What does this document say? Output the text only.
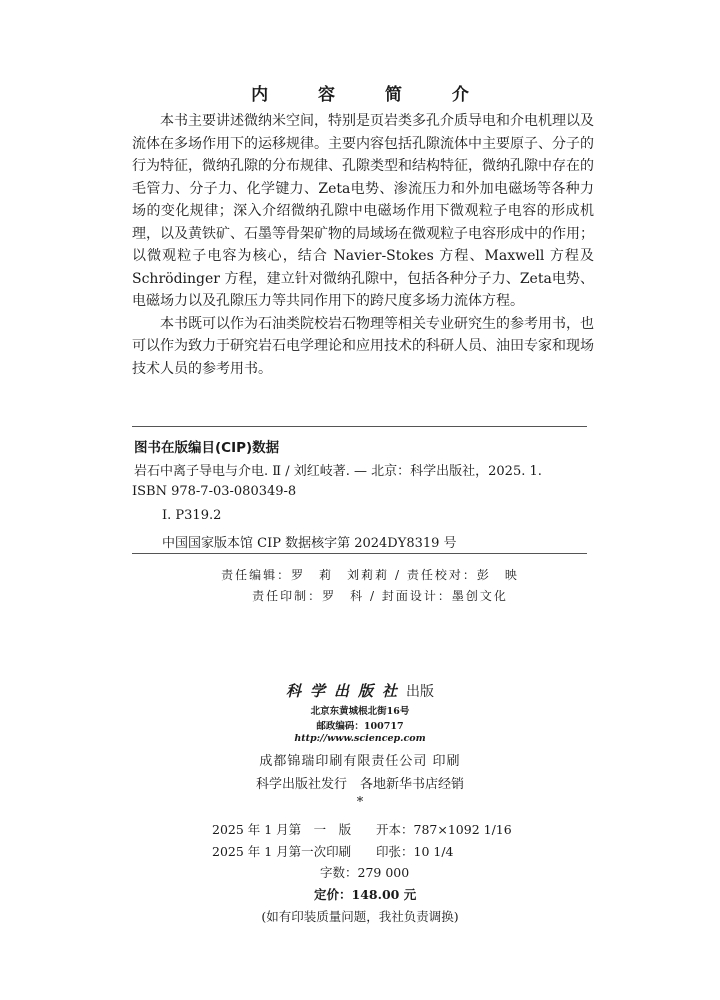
内 容 简 介

本书主要讲述微纳米空间，特别是页岩类多孔介质导电和介电机理以及流体在多场作用下的运移规律。主要内容包括孔隙流体中主要原子、分子的行为特征，微纳孔隙的分布规律、孔隙类型和结构特征，微纳孔隙中存在的毛管力、分子力、化学键力、Zeta电势、渗流压力和外加电磁场等各种力场的变化规律；深入介绍微纳孔隙中电磁场作用下微观粒子电容的形成机理，以及黄铁矿、石墨等骨架矿物的局域场在微观粒子电容形成中的作用；以微观粒子电容为核心，结合 Navier-Stokes 方程、Maxwell 方程及 Schrödinger 方程，建立针对微纳孔隙中，包括各种分子力、Zeta电势、电磁场力以及孔隙压力等共同作用下的跨尺度多场力流体方程。

本书既可以作为石油类院校岩石物理等相关专业研究生的参考用书，也可以作为致力于研究岩石电学理论和应用技术的科研人员、油田专家和现场技术人员的参考用书。

图书在版编目(CIP)数据
岩石中离子导电与介电. Ⅱ / 刘红岐著. — 北京：科学出版社，2025. 1.
ISBN 978-7-03-080349-8
Ⅰ. P319.2
中国国家版本馆 CIP 数据核字第 2024DY8319 号
责任编辑：罗　莉　刘莉莉 / 责任校对：彭　映
责任印制：罗　科 / 封面设计：墨创文化
科学出版社出版
北京东黄城根北街16号
邮政编码：100717
http://www.sciencep.com
成都锦瑞印刷有限责任公司 印刷
科学出版社发行　各地新华书店经销
*
2025 年 1 月第　一　版 开本：787×1092 1/16
2025 年 1 月第一次印刷 印张：10 1/4
字数：279 000
定价：148.00 元
(如有印装质量问题，我社负责调换)
